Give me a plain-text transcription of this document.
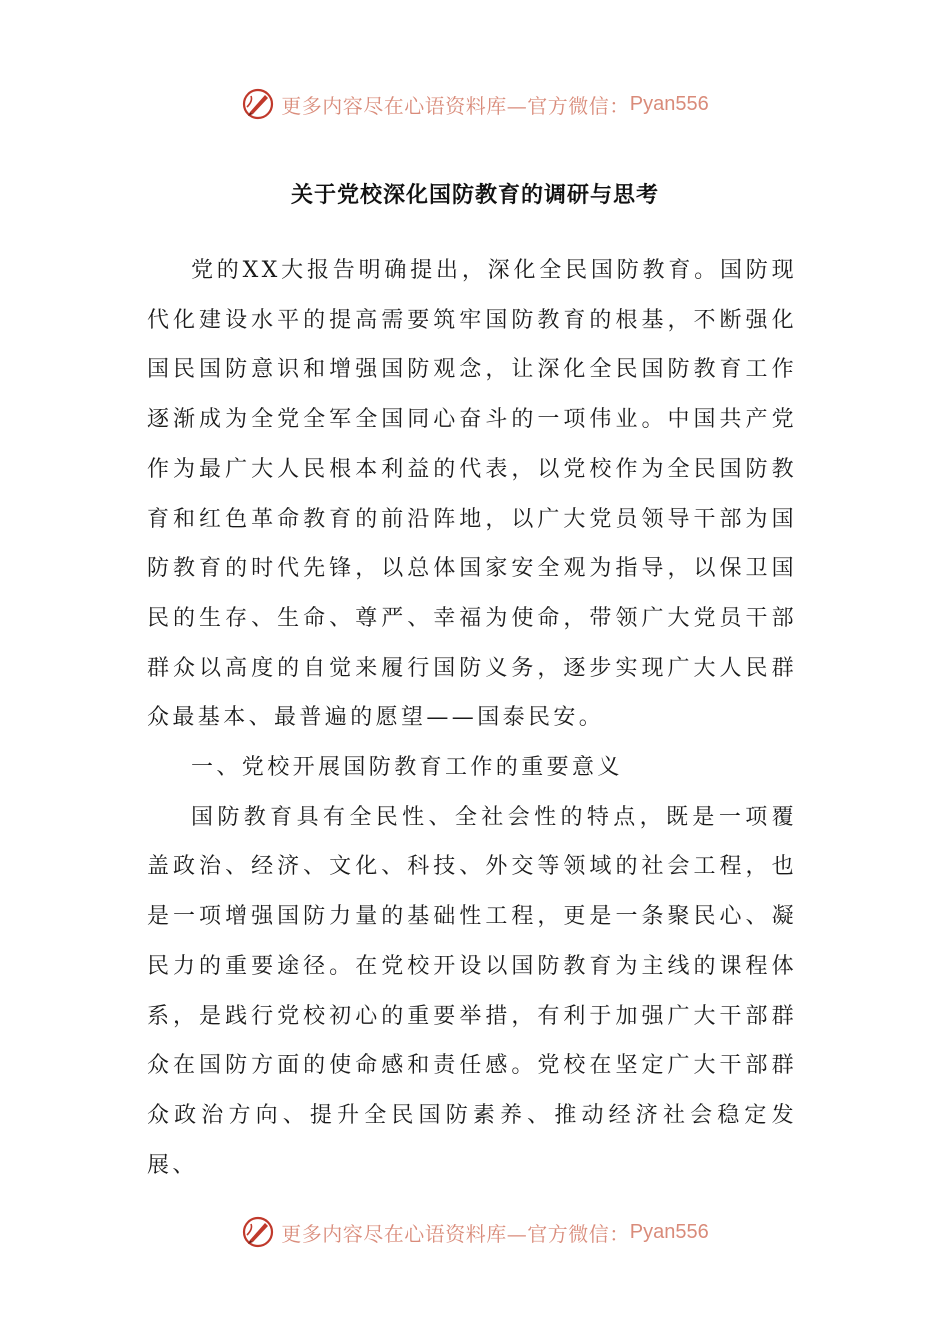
更多内容尽在心语资料库—官方微信： Pyan556
关于党校深化国防教育的调研与思考

党的XX大报告明确提出，深化全民国防教育。国防现代化建设水平的提高需要筑牢国防教育的根基，不断强化国民国防意识和增强国防观念，让深化全民国防教育工作逐渐成为全党全军全国同心奋斗的一项伟业。中国共产党作为最广大人民根本利益的代表，以党校作为全民国防教育和红色革命教育的前沿阵地，以广大党员领导干部为国防教育的时代先锋，以总体国家安全观为指导，以保卫国民的生存、生命、尊严、幸福为使命，带领广大党员干部群众以高度的自觉来履行国防义务，逐步实现广大人民群众最基本、最普遍的愿望——国泰民安。

一、党校开展国防教育工作的重要意义

国防教育具有全民性、全社会性的特点，既是一项覆盖政治、经济、文化、科技、外交等领域的社会工程，也是一项增强国防力量的基础性工程，更是一条聚民心、凝民力的重要途径。在党校开设以国防教育为主线的课程体系，是践行党校初心的重要举措，有利于加强广大干部群众在国防方面的使命感和责任感。党校在坚定广大干部群众政治方向、提升全民国防素养、推动经济社会稳定发展、

更多内容尽在心语资料库—官方微信： Pyan556
